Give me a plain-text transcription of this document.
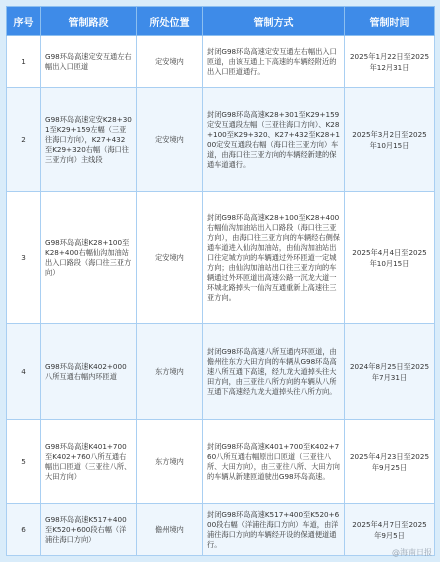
序号	管制路段	所处位置	管制方式	管制时间
1	G98环岛高速定安互通左右幅出入口匝道	定安境内	封闭G98环岛高速定安互通左右幅出入口匝道，由该互通上下高速的车辆经附近的出入口匝道通行。	2025年1月22日至2025年12月31日
2	G98环岛高速定安K28+301至K29+159左幅（三亚往海口方向），K27+432至K29+320右幅（海口往三亚方向）主线段	定安境内	封闭G98环岛高速K28+301至K29+159定安互通段左幅（三亚往海口方向）、K28+100至K29+320、K27+432至K28+100定安互通段右幅（海口往三亚方向）车道，由海口往三亚方向的车辆经新建的保通车道通行。	2025年3月2日至2025年10月15日
3	G98环岛高速K28+100至K28+400右幅仙沟加油站出入口路段（海口往三亚方向）	定安境内	封闭G98环岛高速K28+100至K28+400右幅仙沟加油站出入口路段（海口往三亚方向），由海口往三亚方向的车辆经右侧保通车道进入仙沟加油站，由仙沟加油站出口往定城方向的车辆通过外环匝道一定城方向；由仙沟加油站出口往三亚方向的车辆通过外环匝道出高速公路一沉龙大道一环城北路掉头一仙沟互通重新上高速往三亚方向。	2025年4月4日至2025年10月15日
4	G98环岛高速K402+000八所互通右幅内环匝道	东方境内	封闭G98环岛高速八所互通内环匝道，由儋州往东方大田方向的车辆从G98环岛高速八所互通下高速，经九龙大道掉头往大田方向，由三亚往八所方向的车辆从八所互通下高速经九龙大道掉头往八所方向。	2024年8月25日至2025年7月31日
5	G98环岛高速K401+700至K402+760八所互通右幅出口匝道（三亚往八所、大田方向）	东方境内	封闭G98环岛高速K401+700至K402+760八所互通右幅原出口匝道（三亚往八所、大田方向），由三亚往八所、大田方向的车辆从新建匝道驶出G98环岛高速。	2025年4月23日至2025年9月25日
6	G98环岛高速K517+400至K520+600段右幅（洋浦往海口方向）	儋州境内	封闭G98环岛高速K517+400至K520+600段右幅（洋浦往海口方向）车道，由洋浦往海口方向的车辆经开设的保通便道通行。	2025年4月7日至2025年9月5日
@海南日报
